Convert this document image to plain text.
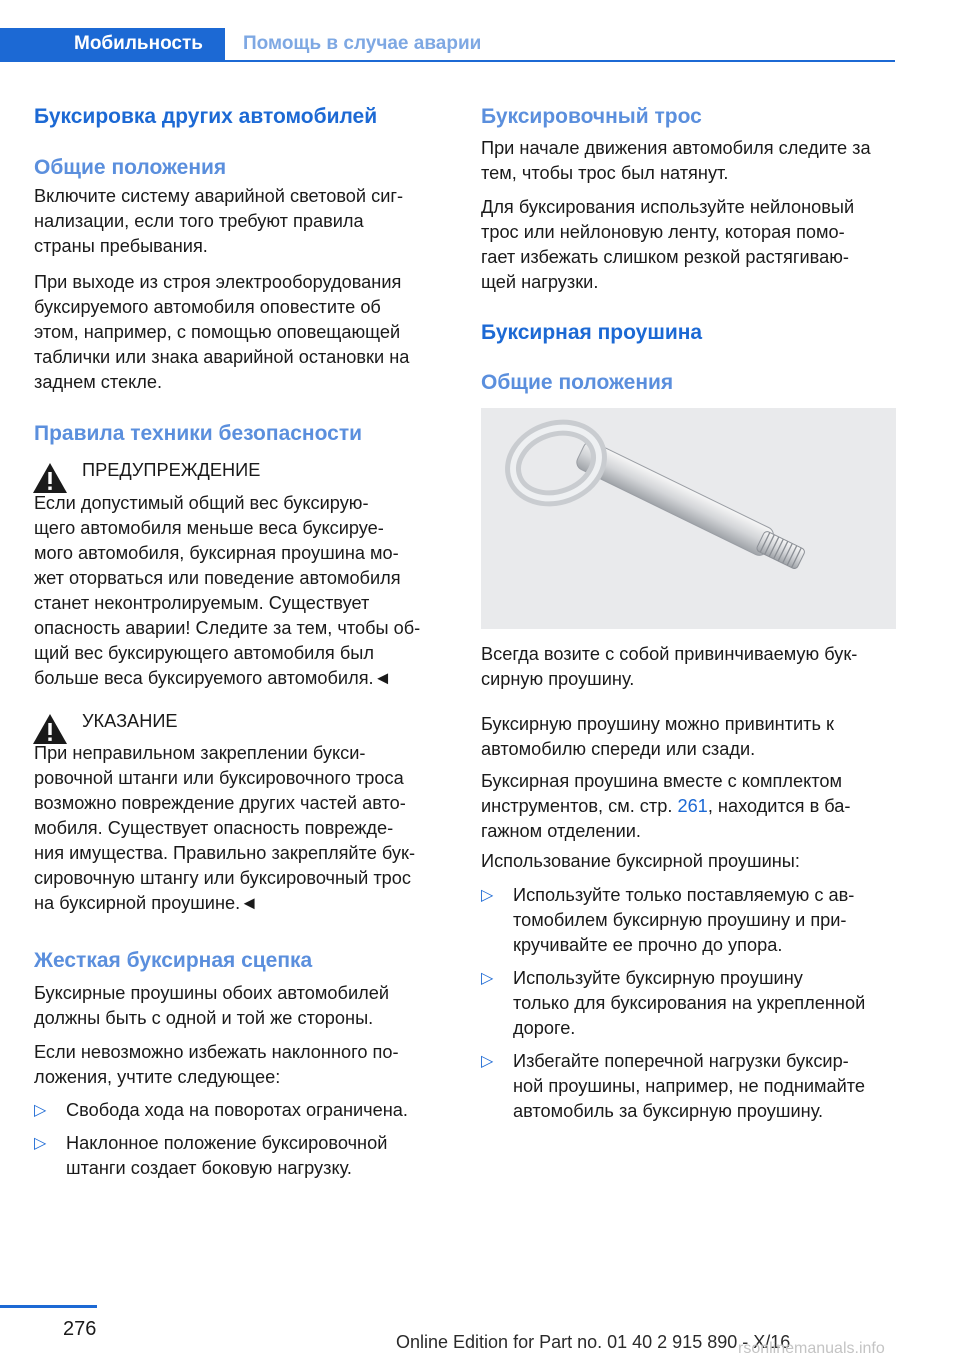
Мобильность	Помощь в случае аварии
Буксировка других автомобилей
Общие положения
Включите систему аварийной световой сиг-
нализации, если того требуют правила
страны пребывания.
При выходе из строя электрооборудования
буксируемого автомобиля оповестите об
этом, например, с помощью оповещающей
таблички или знака аварийной остановки на
заднем стекле.
Правила техники безопасности
ПРЕДУПРЕЖДЕНИЕ
Если допустимый общий вес буксирую-
щего автомобиля меньше веса буксируе-
мого автомобиля, буксирная проушина мо-
жет оторваться или поведение автомобиля
станет неконтролируемым. Существует
опасность аварии! Следите за тем, чтобы об-
щий вес буксирующего автомобиля был
больше веса буксируемого автомобиля.◄
УКАЗАНИЕ
При неправильном закреплении букси-
ровочной штанги или буксировочного троса
возможно повреждение других частей авто-
мобиля. Существует опасность поврежде-
ния имущества. Правильно закрепляйте бук-
сировочную штангу или буксировочный трос
на буксирной проушине.◄
Жесткая буксирная сцепка
Буксирные проушины обоих автомобилей
должны быть с одной и той же стороны.
Если невозможно избежать наклонного по-
ложения, учтите следующее:
▷ Свобода хода на поворотах ограничена.
▷ Наклонное положение буксировочной
штанги создает боковую нагрузку.
Буксировочный трос
При начале движения автомобиля следите за
тем, чтобы трос был натянут.
Для буксирования используйте нейлоновый
трос или нейлоновую ленту, которая помо-
гает избежать слишком резкой растягиваю-
щей нагрузки.
Буксирная проушина
Общие положения
Всегда возите с собой привинчиваемую бук-
сирную проушину.
Буксирную проушину можно привинтить к
автомобилю спереди или сзади.
Буксирная проушина вместе с комплектом
инструментов, см. стр. 261, находится в ба-
гажном отделении.
Использование буксирной проушины:
▷ Используйте только поставляемую с ав-
томобилем буксирную проушину и при-
кручивайте ее прочно до упора.
▷ Используйте буксирную проушину
только для буксирования на укрепленной
дороге.
▷ Избегайте поперечной нагрузки буксир-
ной проушины, например, не поднимайте
автомобиль за буксирную проушину.
276
Online Edition for Part no. 01 40 2 915 890 - X/16
rsonlinemanuals.info
